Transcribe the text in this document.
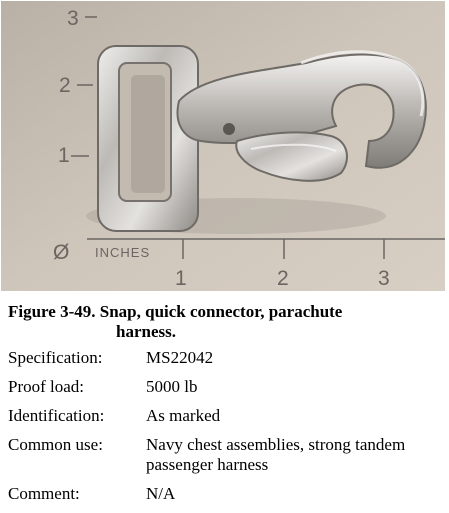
3
2
1
Ø INCHES
1	2	3
Figure 3-49. Snap, quick connector, parachute
harness.
Specification:	MS22042
Proof load:	5000 lb
Identification:	As marked
Common use:	Navy chest assemblies, strong tandem passenger harness
Comment:	N/A
